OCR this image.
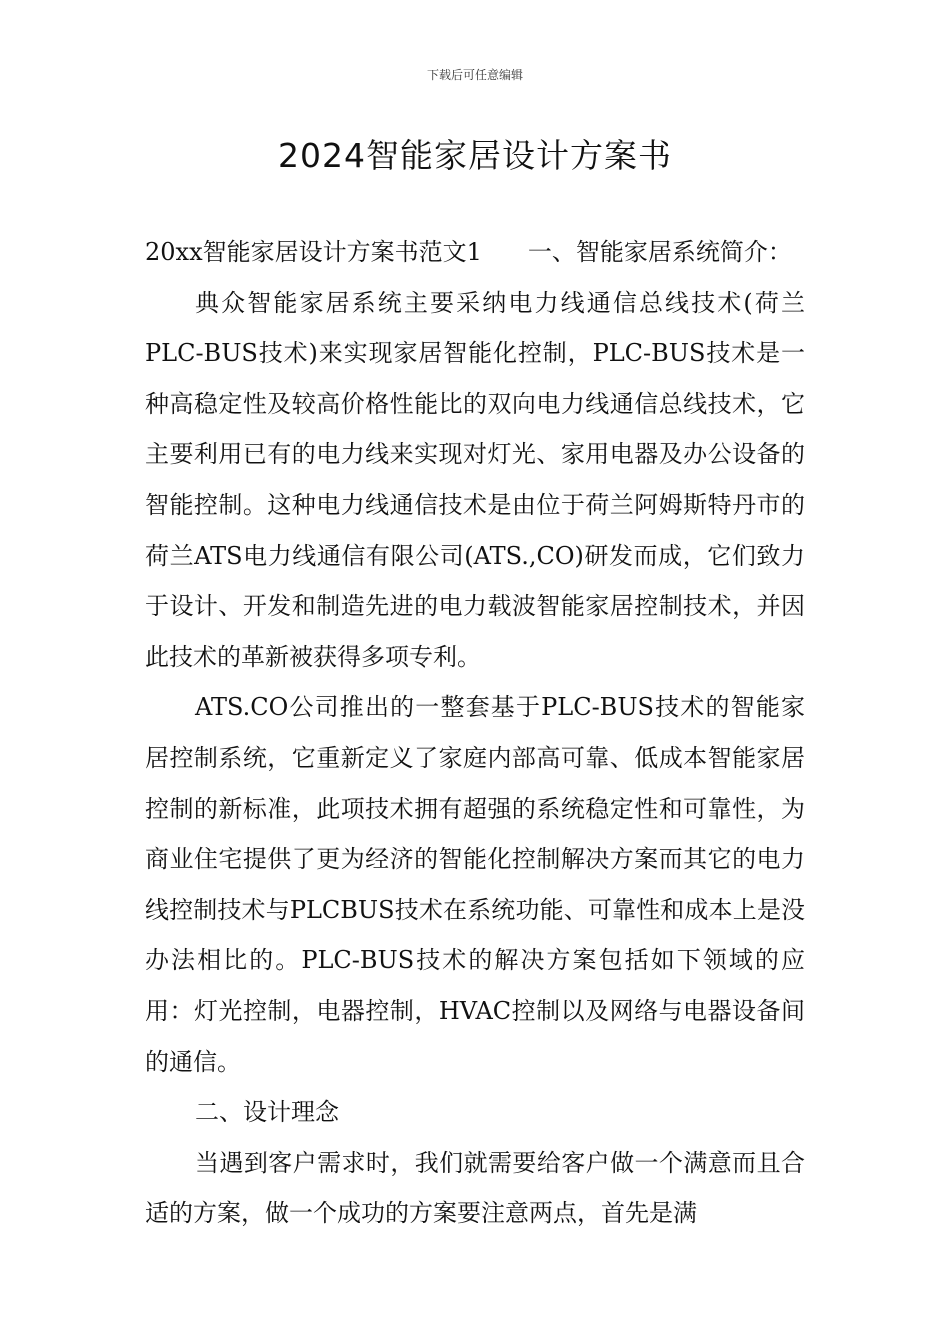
下载后可任意编辑
2024智能家居设计方案书

20xx智能家居设计方案书范文1 一、智能家居系统简介：

典众智能家居系统主要采纳电力线通信总线技术(荷兰PLC-BUS技术)来实现家居智能化控制，PLC-BUS技术是一种高稳定性及较高价格性能比的双向电力线通信总线技术，它主要利用已有的电力线来实现对灯光、家用电器及办公设备的智能控制。这种电力线通信技术是由位于荷兰阿姆斯特丹市的荷兰ATS电力线通信有限公司(ATS.,CO)研发而成，它们致力于设计、开发和制造先进的电力载波智能家居控制技术，并因此技术的革新被获得多项专利。

ATS.CO公司推出的一整套基于PLC-BUS技术的智能家居控制系统，它重新定义了家庭内部高可靠、低成本智能家居控制的新标准，此项技术拥有超强的系统稳定性和可靠性，为商业住宅提供了更为经济的智能化控制解决方案而其它的电力线控制技术与PLCBUS技术在系统功能、可靠性和成本上是没办法相比的。PLC-BUS技术的解决方案包括如下领域的应用：灯光控制，电器控制，HVAC控制以及网络与电器设备间的通信。

二、设计理念

当遇到客户需求时，我们就需要给客户做一个满意而且合适的方案，做一个成功的方案要注意两点，首先是满
